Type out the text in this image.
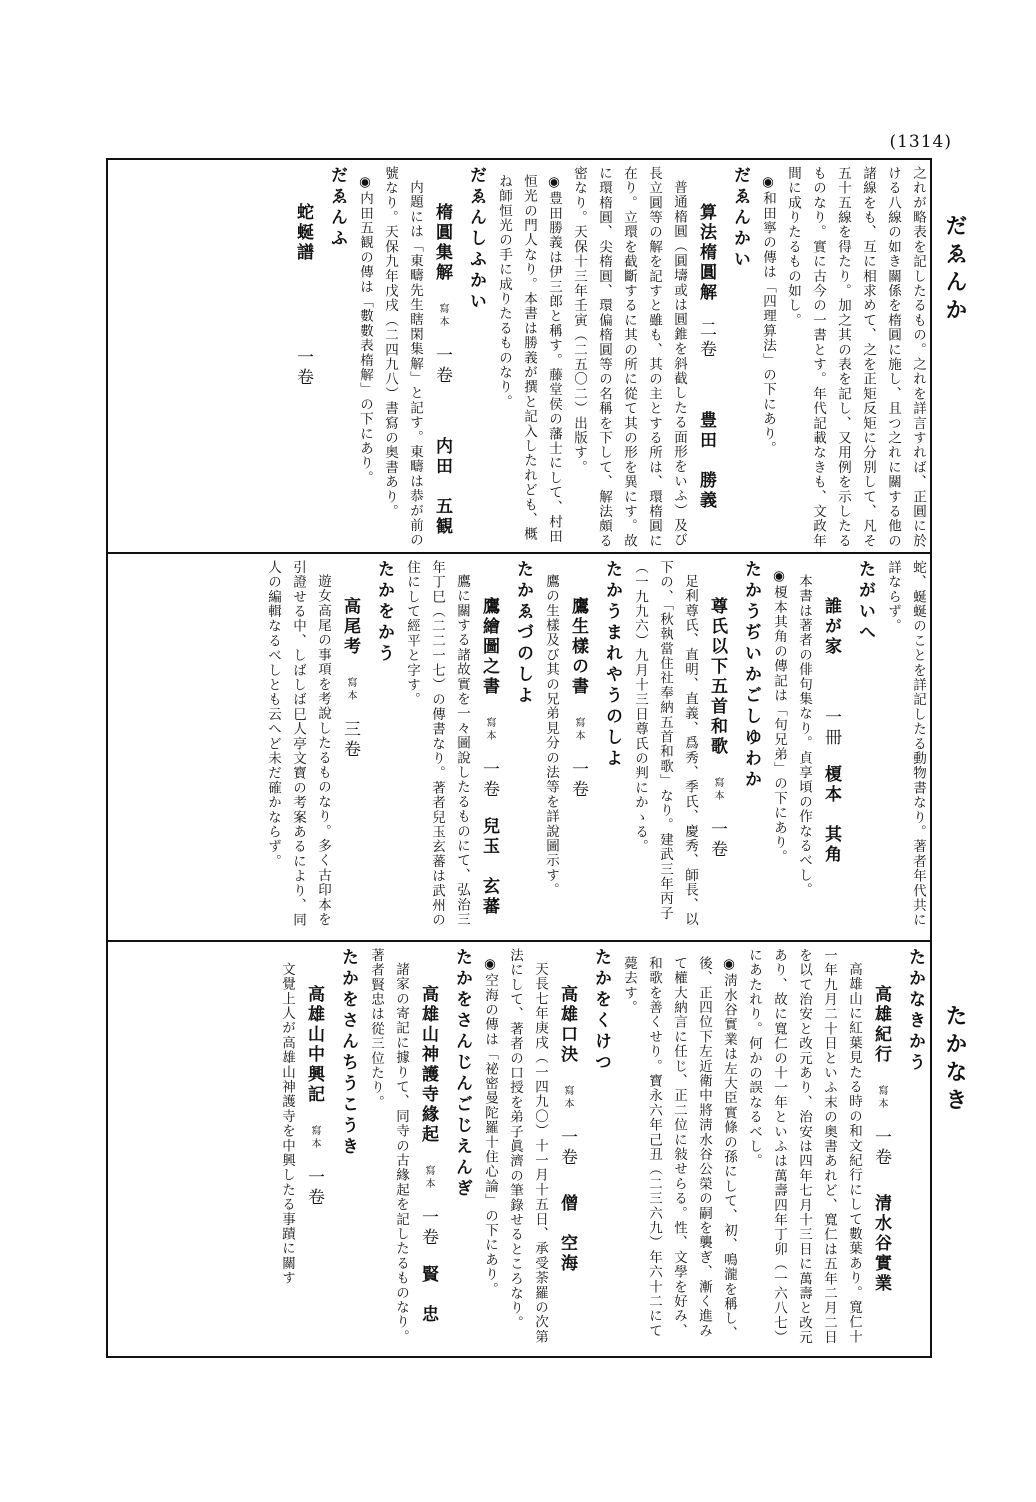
(1314)
だゑんか
たかなき

之れが略表を記したるもの。之れを詳言すれば、正圓に於ける八線の如き關係を楕圓に施し、且つ之れに關する他の諸線をも、互に相求めて、之を正矩反矩に分別して、凡そ五十五線を得たり。加之其の表を記し、又用例を示したるものなり。實に古今の一書とす。年代記載なきも、文政年間に成りたるもの如し。

◉和田寧の傳は「四理算法」の下にあり。

だゑんかい
算法楕圓解二卷豊田　勝義

普通楕圓（圓壔或は圓錐を斜截したる面形をいふ）及び長立圓等の解を記すと雖も、其の主とする所は、環楕圓に在り。立環を截斷するに其の所に從て其の形を異にす。故に環楕圓、尖楕圓、環偏楕圓等の名稱を下して、解法頗る密なり。天保十三年壬寅（二五〇二）出版す。

◉豊田勝義は伊三郎と稱す。藤堂侯の藩士にして、村田恒光の門人なり。本書は勝義が撰と記入したれども、概ね師恒光の手に成りたるものなり。

だゑんしふかい
楕圓集解寫本一卷内田　五観

内題には「東疇先生瞎閑集解」と記す。東疇は恭が前の號なり。天保九年戊戌（二四九八）書寫の奥書あり。

◉内田五観の傳は「數數表楕解」の下にあり。

だゑんふ
蛇蜒譜一卷

蛇、蜒蜒のことを詳記したる動物書なり。著者年代共に詳ならず。

たがいへ
誰が家一冊榎本　其角

本書は著者の俳句集なり。貞享頃の作なるべし。

◉榎本其角の傳記は「句兄弟」の下にあり。

たかうぢいかごしゆわか
尊氏以下五首和歌寫本一卷

足利尊氏、直明、直義、爲秀、季氏、慶秀、師長、以下の、「秋執當住社奉納五首和歌」なり。建武三年丙子（一九九六）九月十三日尊氏の判にかゝる。

たかうまれやうのしよ
鷹生樣の書寫本一卷

鷹の生樣及び其の兄弟見分の法等を詳說圖示す。

たかゑづのしよ
鷹繪圖之書寫本一卷兒玉　玄蕃

鷹に關する諸故實を一々圖說したるものにて、弘治三年丁巳（二二一七）の傳書なり。著者兒玉玄蕃は武州の住にして經平と字す。

たかをかう
高尾考寫本三卷

遊女高尾の事項を考說したるものなり。多く古印本を引證せる中、しばしば巳人亭文寶の考案あるにより、同人の編輯なるべしとも云へど未だ確かならず。

たかなきかう
高雄紀行寫本一卷清水谷實業

高雄山に紅葉見たる時の和文紀行にして數葉あり。寬仁十一年九月二十日といふ末の奥書あれど、寬仁は五年二月二日を以て治安と改元あり、治安は四年七月十三日に萬壽と改元あり、故に寬仁の十一年といふは萬壽四年丁卯（一六八七）にあたれり。何かの誤なるべし。

◉淸水谷實業は左大臣實條の孫にして、初、鳴瀧を稱し、後、正四位下左近衛中將淸水谷公榮の嗣を襲ぎ、漸く進みて權大納言に任じ、正二位に敍せらる。性、文學を好み、和歌を善くせり。寶永六年己丑（二三六九）年六十二にて薨去す。

たかをくけつ
高雄口決寫本一卷僧　空海

天長七年庚戌（一四九〇）十一月十五日、承受荼羅の次第法にして、著者の口授を弟子眞濟の筆錄せるところなり。

◉空海の傳は「祕密曼陀羅十住心論」の下にあり。

たかをさんじんごじえんぎ
高雄山神護寺緣起寫本一卷賢　忠

諸家の寄記に據りて、同寺の古緣起を記したるものなり。著者賢忠は從三位たり。

たかをさんちうこうき
高雄山中興記寫本一卷

文覺上人が高雄山神護寺を中興したる事蹟に關す
